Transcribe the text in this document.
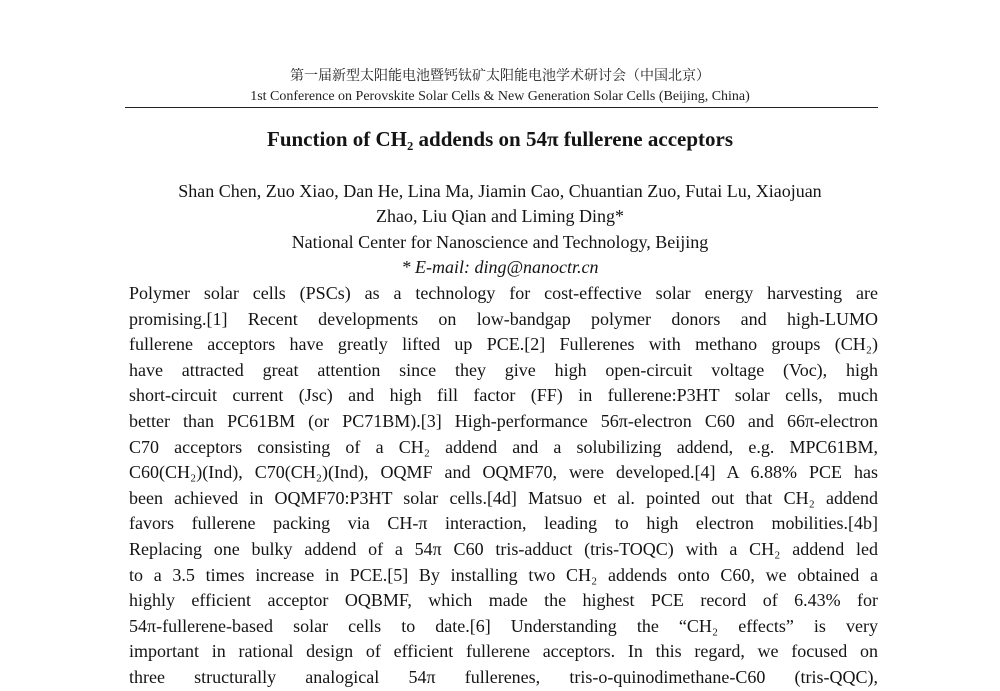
第一届新型太阳能电池暨钙钛矿太阳能电池学术研讨会（中国北京）
1st Conference on Perovskite Solar Cells & New Generation Solar Cells (Beijing, China)
Function of CH₂ addends on 54π fullerene acceptors
Shan Chen, Zuo Xiao, Dan He, Lina Ma, Jiamin Cao, Chuantian Zuo, Futai Lu, Xiaojuan
Zhao, Liu Qian and Liming Ding*
National Center for Nanoscience and Technology, Beijing
* E-mail: ding@nanoctr.cn
Polymer solar cells (PSCs) as a technology for cost-effective solar energy harvesting are
promising.[1] Recent developments on low-bandgap polymer donors and high-LUMO
fullerene acceptors have greatly lifted up PCE.[2] Fullerenes with methano groups (CH₂)
have attracted great attention since they give high open-circuit voltage (Voc), high
short-circuit current (Jsc) and high fill factor (FF) in fullerene:P3HT solar cells, much
better than PC61BM (or PC71BM).[3] High-performance 56π-electron C60 and 66π-electron
C70 acceptors consisting of a CH₂ addend and a solubilizing addend, e.g. MPC61BM,
C60(CH₂)(Ind), C70(CH₂)(Ind), OQMF and OQMF70, were developed.[4] A 6.88% PCE has
been achieved in OQMF70:P3HT solar cells.[4d] Matsuo et al. pointed out that CH₂ addend
favors fullerene packing via CH-π interaction, leading to high electron mobilities.[4b]
Replacing one bulky addend of a 54π C60 tris-adduct (tris-TOQC) with a CH₂ addend led
to a 3.5 times increase in PCE.[5] By installing two CH₂ addends onto C60, we obtained a
highly efficient acceptor OQBMF, which made the highest PCE record of 6.43% for
54π-fullerene-based solar cells to date.[6] Understanding the “CH₂ effects” is very
important in rational design of efficient fullerene acceptors. In this regard, we focused on
three structurally analogical 54π fullerenes, tris-o-quinodimethane-C60 (tris-QQC),
